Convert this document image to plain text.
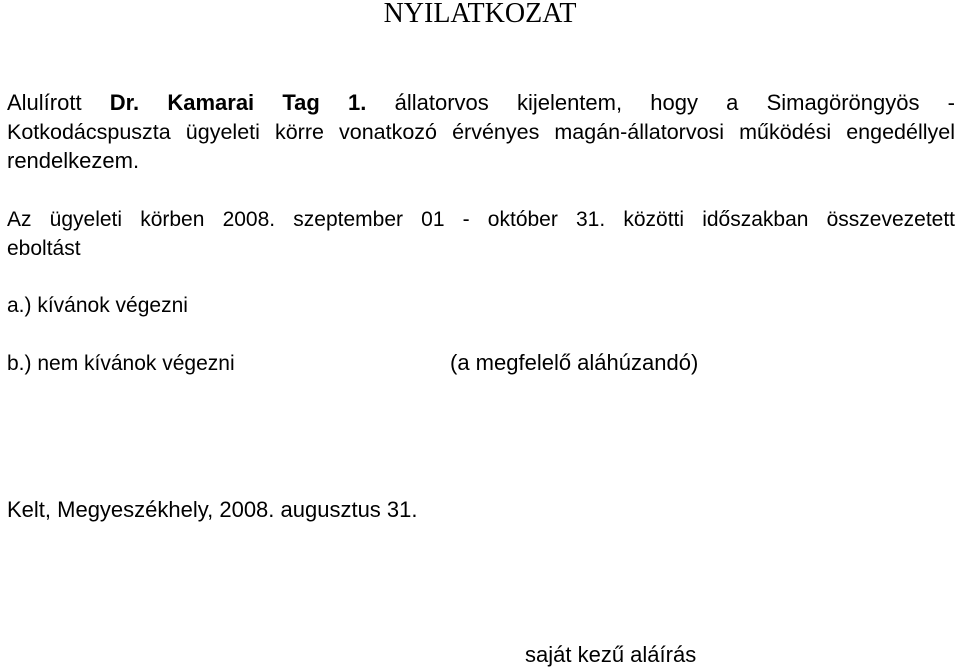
NYILATKOZAT
Alulírott Dr. Kamarai Tag 1. állatorvos kijelentem, hogy a Simagöröngyös -
Kotkodácspuszta ügyeleti körre vonatkozó érvényes magán-állatorvosi működési engedéllyel
rendelkezem.
Az ügyeleti körben 2008. szeptember 01 - október 31. közötti időszakban összevezetett
eboltást
a.) kívánok végezni
b.) nem kívánok végezni	(a megfelelő aláhúzandó)
Kelt, Megyeszékhely, 2008. augusztus 31.
saját kezű aláírás
